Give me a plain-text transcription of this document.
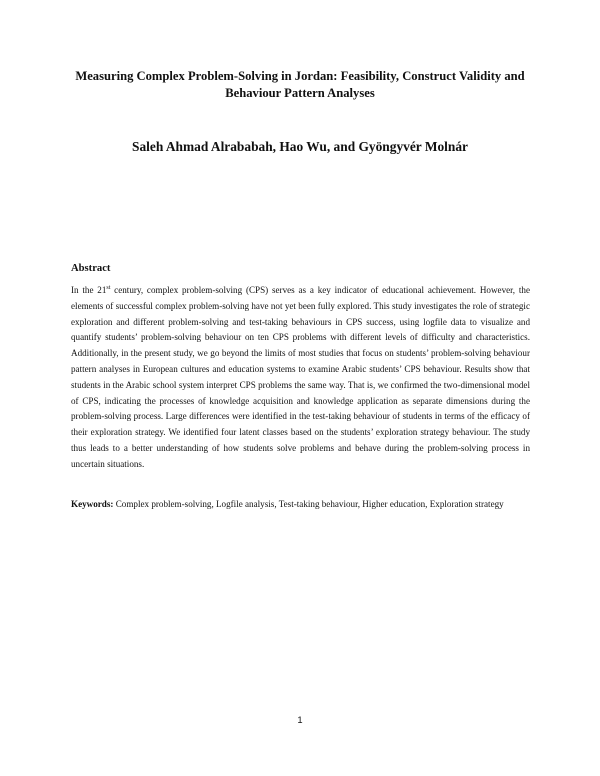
Measuring Complex Problem-Solving in Jordan: Feasibility, Construct Validity and Behaviour Pattern Analyses
Saleh Ahmad Alrababah, Hao Wu, and Gyöngyvér Molnár
Abstract
In the 21st century, complex problem-solving (CPS) serves as a key indicator of educational achievement. However, the elements of successful complex problem-solving have not yet been fully explored. This study investigates the role of strategic exploration and different problem-solving and test-taking behaviours in CPS success, using logfile data to visualize and quantify students’ problem-solving behaviour on ten CPS problems with different levels of difficulty and characteristics. Additionally, in the present study, we go beyond the limits of most studies that focus on students’ problem-solving behaviour pattern analyses in European cultures and education systems to examine Arabic students’ CPS behaviour. Results show that students in the Arabic school system interpret CPS problems the same way. That is, we confirmed the two-dimensional model of CPS, indicating the processes of knowledge acquisition and knowledge application as separate dimensions during the problem-solving process. Large differences were identified in the test-taking behaviour of students in terms of the efficacy of their exploration strategy. We identified four latent classes based on the students’ exploration strategy behaviour. The study thus leads to a better understanding of how students solve problems and behave during the problem-solving process in uncertain situations.
Keywords: Complex problem-solving, Logfile analysis, Test-taking behaviour, Higher education, Exploration strategy
1
